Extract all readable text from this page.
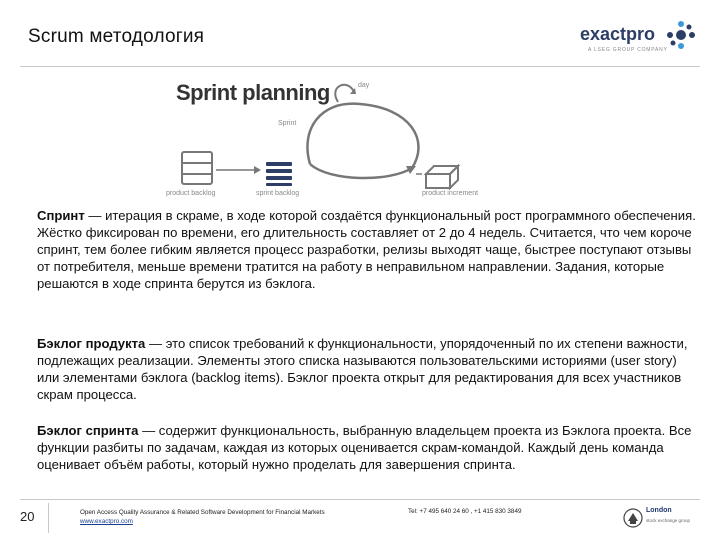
Scrum методология	exactpro
A LSEG GROUP COMPANY
Sprint planning	day
Sprint
product backlog	sprint backlog	product increment
Спринт — итерация в скраме, в ходе которой создаётся функциональный рост программного обеспечения. Жёстко фиксирован по времени, его длительность составляет от 2 до 4 недель. Считается, что чем короче спринт, тем более гибким является процесс разработки, релизы выходят чаще, быстрее поступают отзывы от потребителя, меньше времени тратится на работу в неправильном направлении. Задания, которые решаются в ходе спринта берутся из бэклога.
Бэклог продукта — это список требований к функциональности, упорядоченный по их степени важности, подлежащих реализации. Элементы этого списка называются пользовательскими историями (user story) или элементами бэклога (backlog items). Бэклог проекта открыт для редактирования для всех участников скрам процесса.
Бэклог спринта — содержит функциональность, выбранную владельцем проекта из Бэклога проекта. Все функции разбиты по задачам, каждая из которых оценивается скрам-командой. Каждый день команда оценивает объём работы, который нужно проделать для завершения спринта.
20	Open Access Quality Assurance & Related Software Development for Financial Markets
www.exactpro.com
Tel: +7 495 640 24 60 , +1 415 830 3849	London
stock exchange group
